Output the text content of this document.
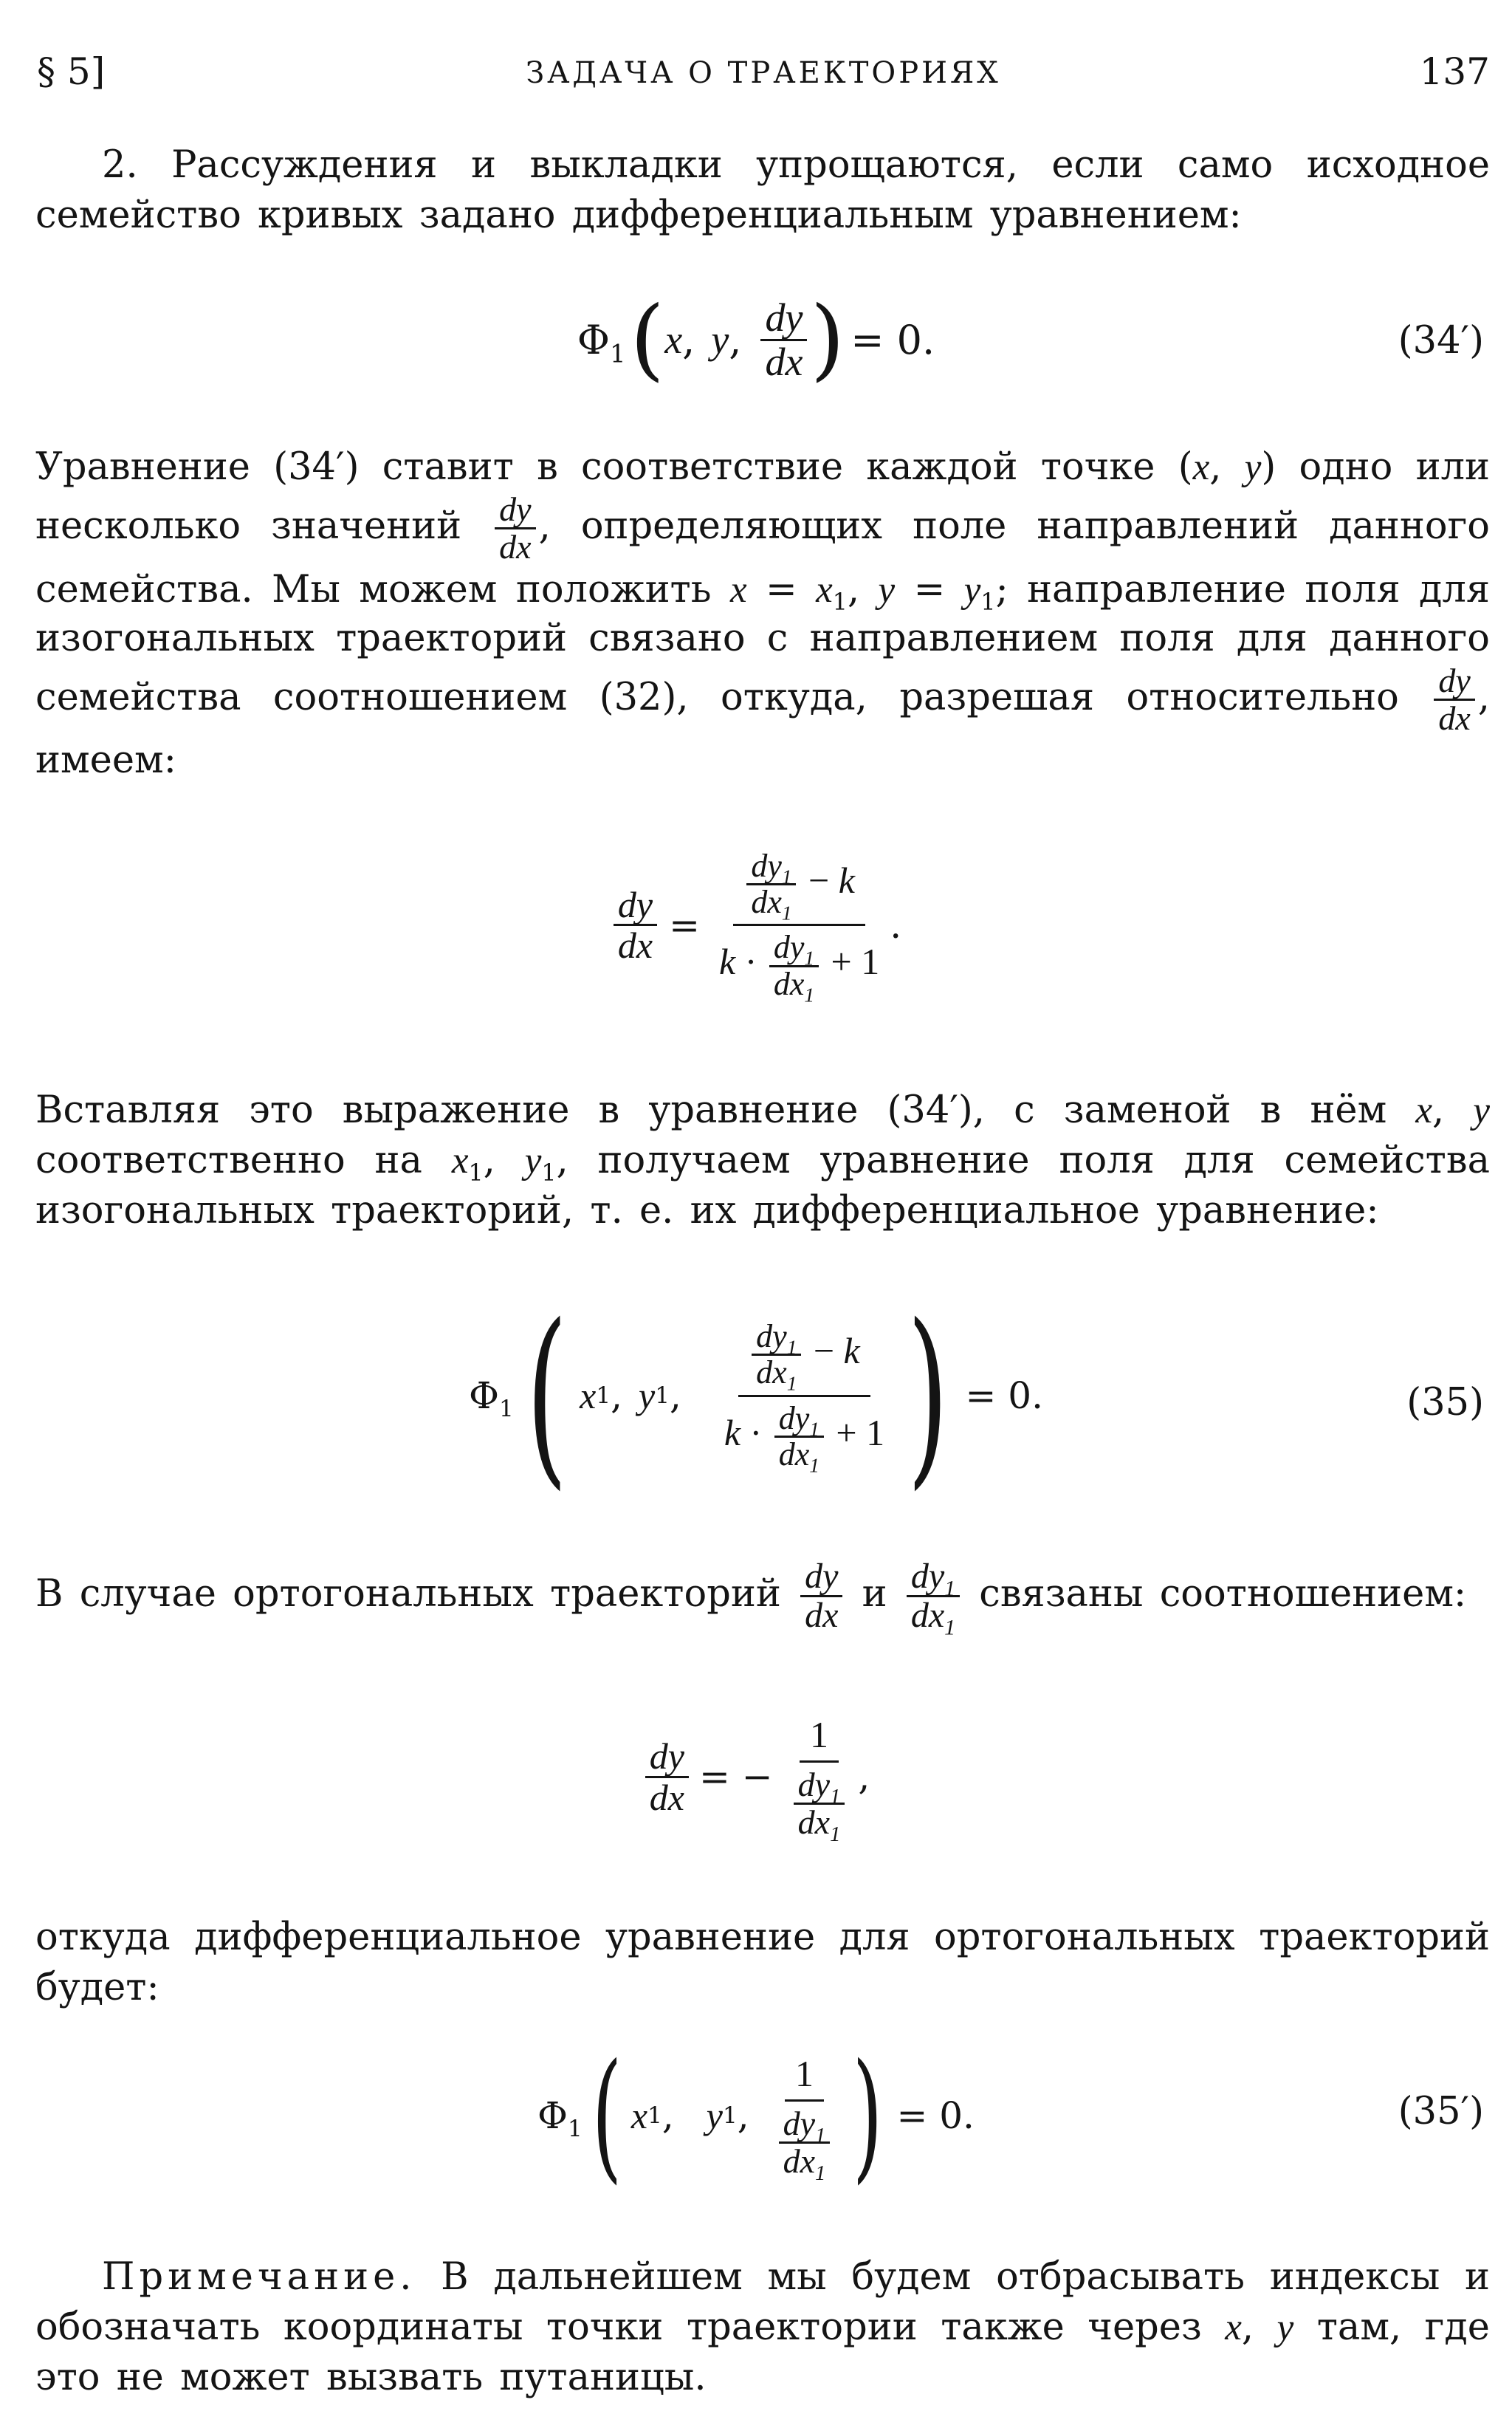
§ 5]	ЗАДАЧА О ТРАЕКТОРИЯХ	137

2. Рассуждения и выкладки упрощаются, если само исходное семейство кривых задано дифференциальным уравнением:

$\Phi_1$ ( x , y , $\frac{dy}{dx}$ ) = 0.	(34′)

Уравнение (34′) ставит в соответствие каждой точке (x, y) одно или несколько значений $\frac{dy}{dx}$ , определяющих поле направлений данного семейства. Мы можем положить $x = x_1$, $y = y_1$; направление поля для изогональных траекторий связано с направлением поля для данного семейства соотношением (32), откуда, разрешая относительно $\frac{dy}{dx}$ , имеем:

$\frac{dy}{dx} = \frac{\frac{dy_1}{dx_1} - k}{k \cdot \frac{dy_1}{dx_1} + 1}$ .

Вставляя это выражение в уравнение (34′), с заменой в нём x, y соответственно на $x_1$, $y_1$, получаем уравнение поля для семейства изогональных траекторий, т. е. их дифференциальное уравнение:

$\Phi_1$ ( x 1 , y 1 , $\frac{\frac{dy_1}{dx_1} - k}{k \cdot \frac{dy_1}{dx_1} + 1}$ ) = 0.	(35)

В случае ортогональных траекторий $\frac{dy}{dx}$ и $\frac{dy_1}{dx_1}$ связаны соотношением:

$\frac{dy}{dx}$ = − $\frac{1}{\frac{dy_1}{dx_1}}$ ,

откуда дифференциальное уравнение для ортогональных траекторий будет:

$\Phi_1$ ( x 1 , y 1 , $\frac{1}{\frac{dy_1}{dx_1}}$ ) = 0.	(35′)

Примечание. В дальнейшем мы будем отбрасывать индексы и обозначать координаты точки траектории также через x, y там, где это не может вызвать путаницы.
